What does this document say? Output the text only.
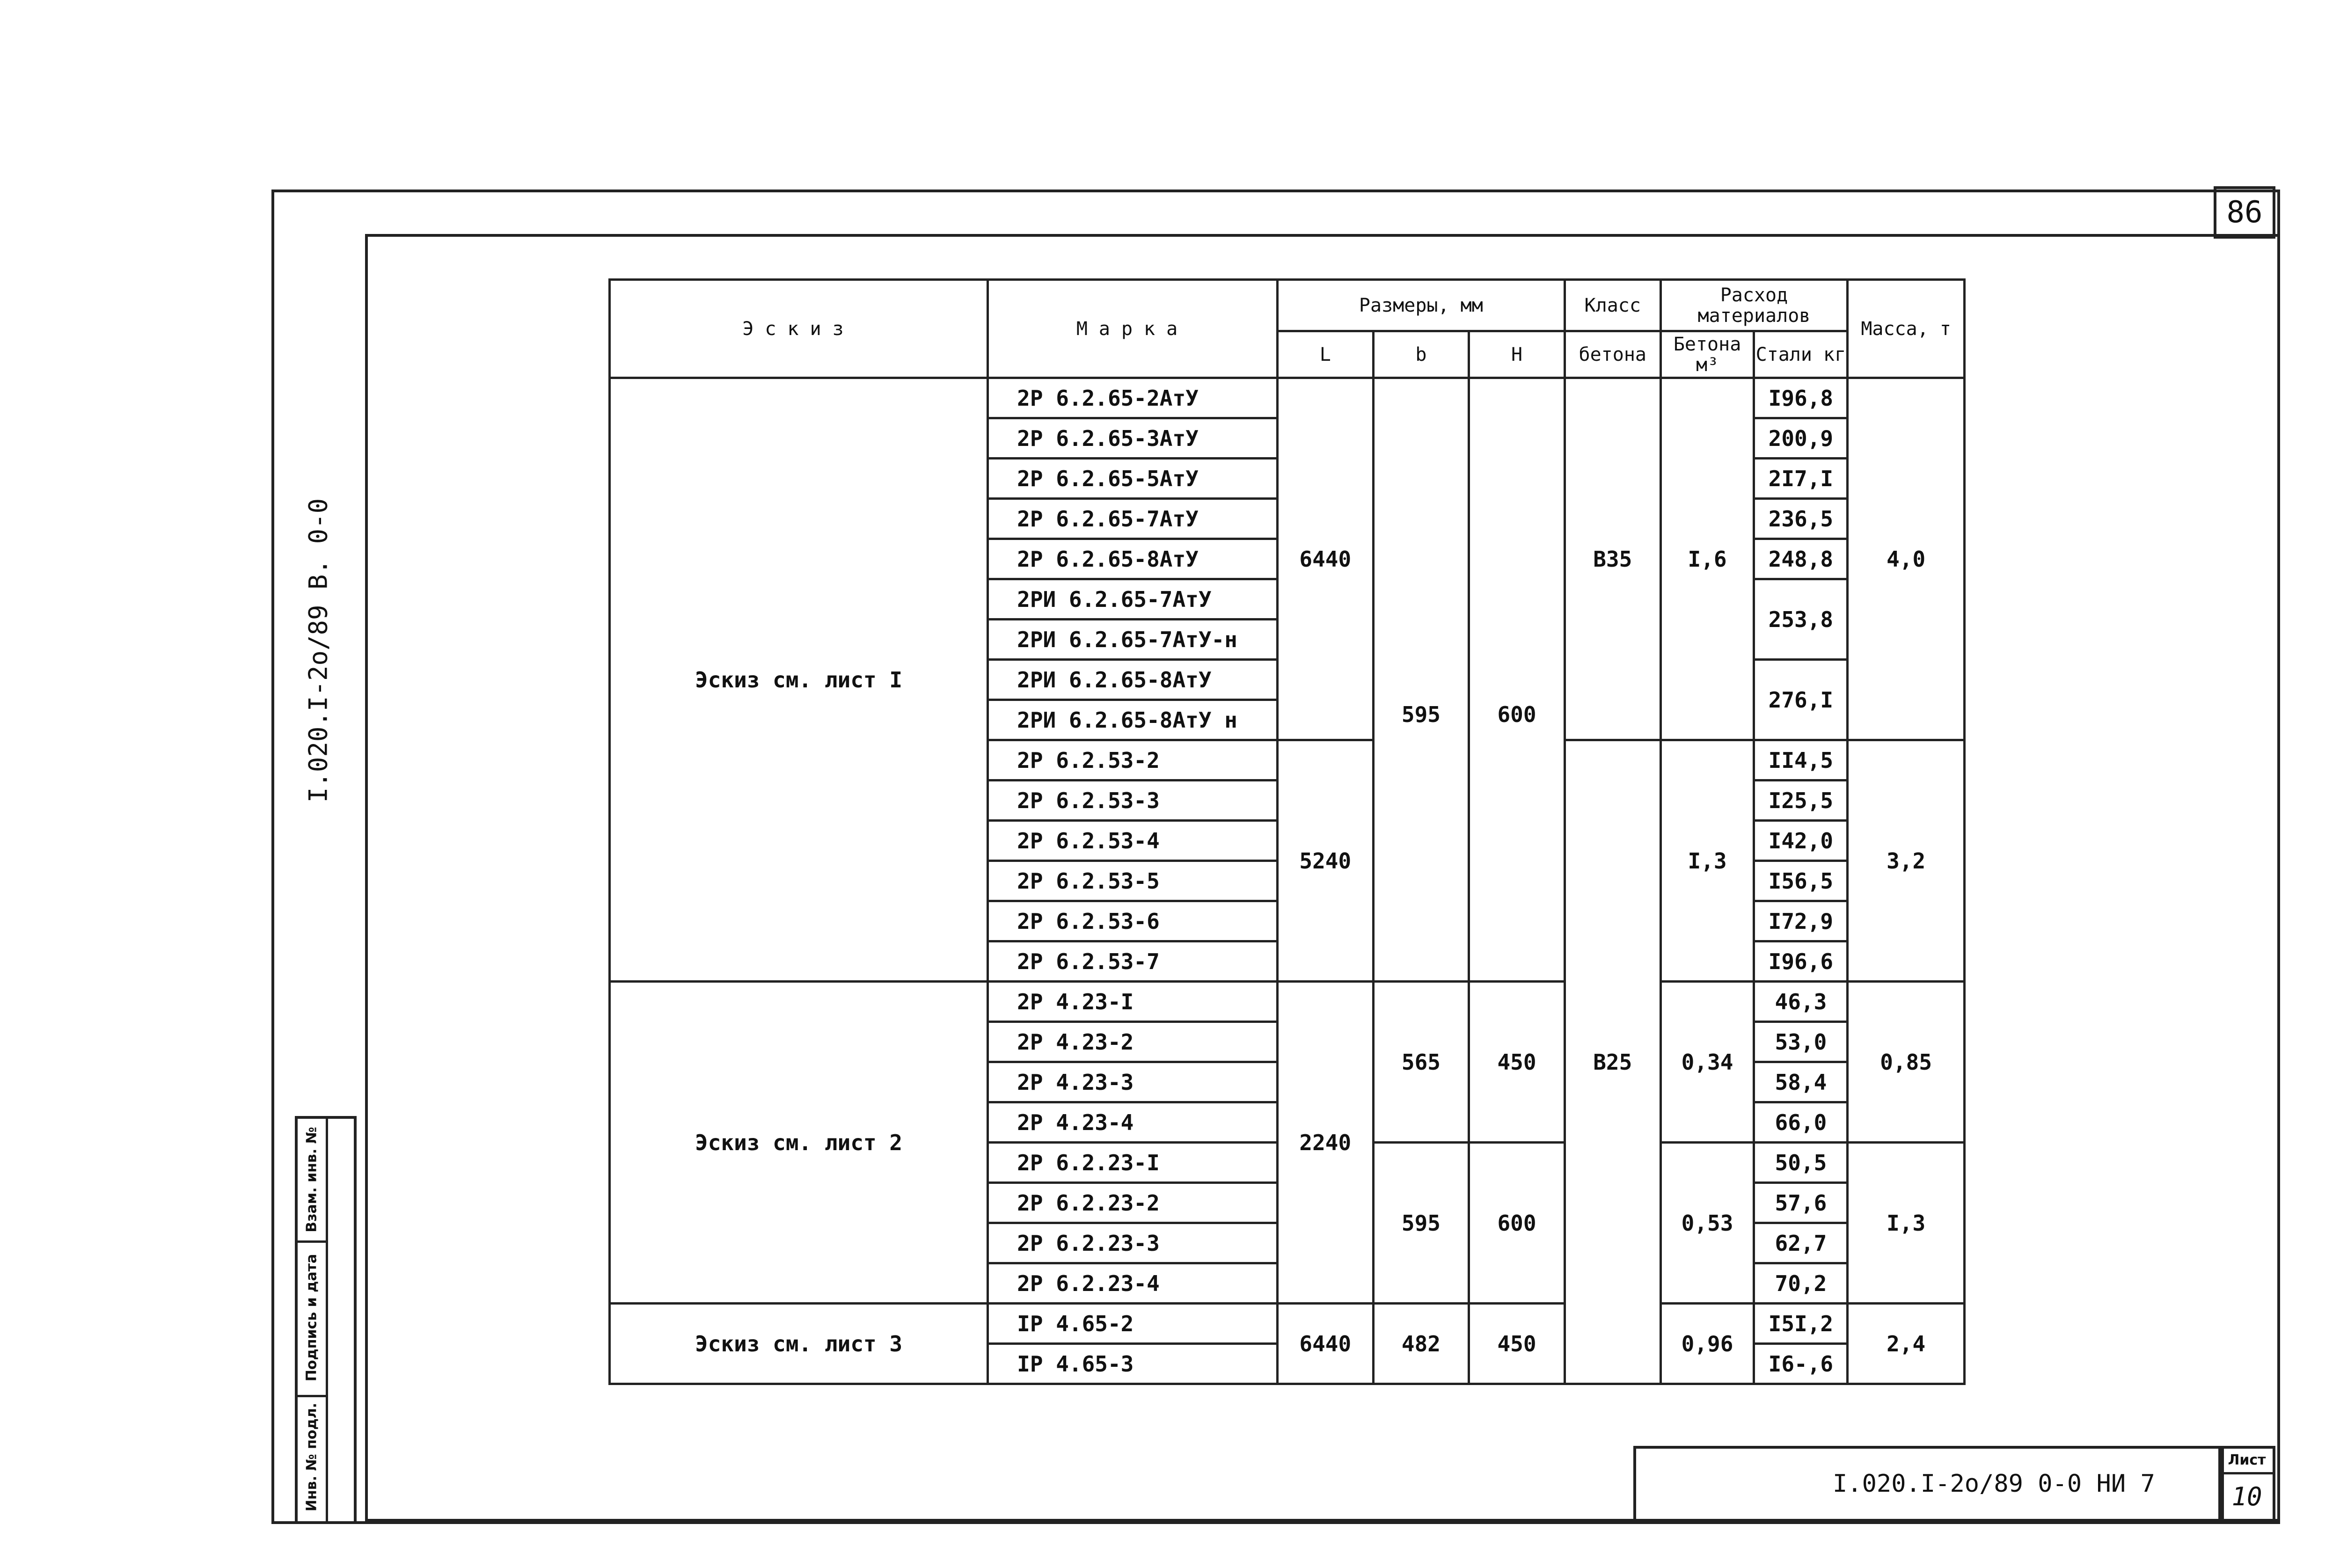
86
I.020.I-2о/89 В. 0-0
Взам. инв. №
Подпись и дата
Инв. № подл.
Эскиз	Марка	Размеры, мм			Класс	Расход материалов		Масса, т
		L	b	H	бетона	Бетона м³	Стали кг	
Эскиз см. лист I	2Р 6.2.65-2АтУ	6440	595	600	В35	I,6	I96,8	4,0
	2Р 6.2.65-3АтУ						200,9	
	2Р 6.2.65-5АтУ						2I7,I	
	2Р 6.2.65-7АтУ						236,5	
	2Р 6.2.65-8АтУ						248,8	
	2РИ 6.2.65-7АтУ						253,8	
	2РИ 6.2.65-7АтУ-н							
	2РИ 6.2.65-8АтУ						276,I	
	2РИ 6.2.65-8АтУ н							
	2Р 6.2.53-2	5240			В25	I,3	II4,5	3,2
	2Р 6.2.53-3						I25,5	
	2Р 6.2.53-4						I42,0	
	2Р 6.2.53-5						I56,5	
	2Р 6.2.53-6						I72,9	
	2Р 6.2.53-7						I96,6	
Эскиз см. лист 2	2Р 4.23-I	2240	565	450		0,34	46,3	0,85
	2Р 4.23-2						53,0	
	2Р 4.23-3						58,4	
	2Р 4.23-4						66,0	
	2Р 6.2.23-I		595	600		0,53	50,5	I,3
	2Р 6.2.23-2						57,6	
	2Р 6.2.23-3						62,7	
	2Р 6.2.23-4						70,2	
Эскиз см. лист 3	IР 4.65-2	6440	482	450		0,96	I5I,2	2,4
	IР 4.65-3						I6-,6	
I.020.I-2о/89 0-0 НИ 7
Лист
10
